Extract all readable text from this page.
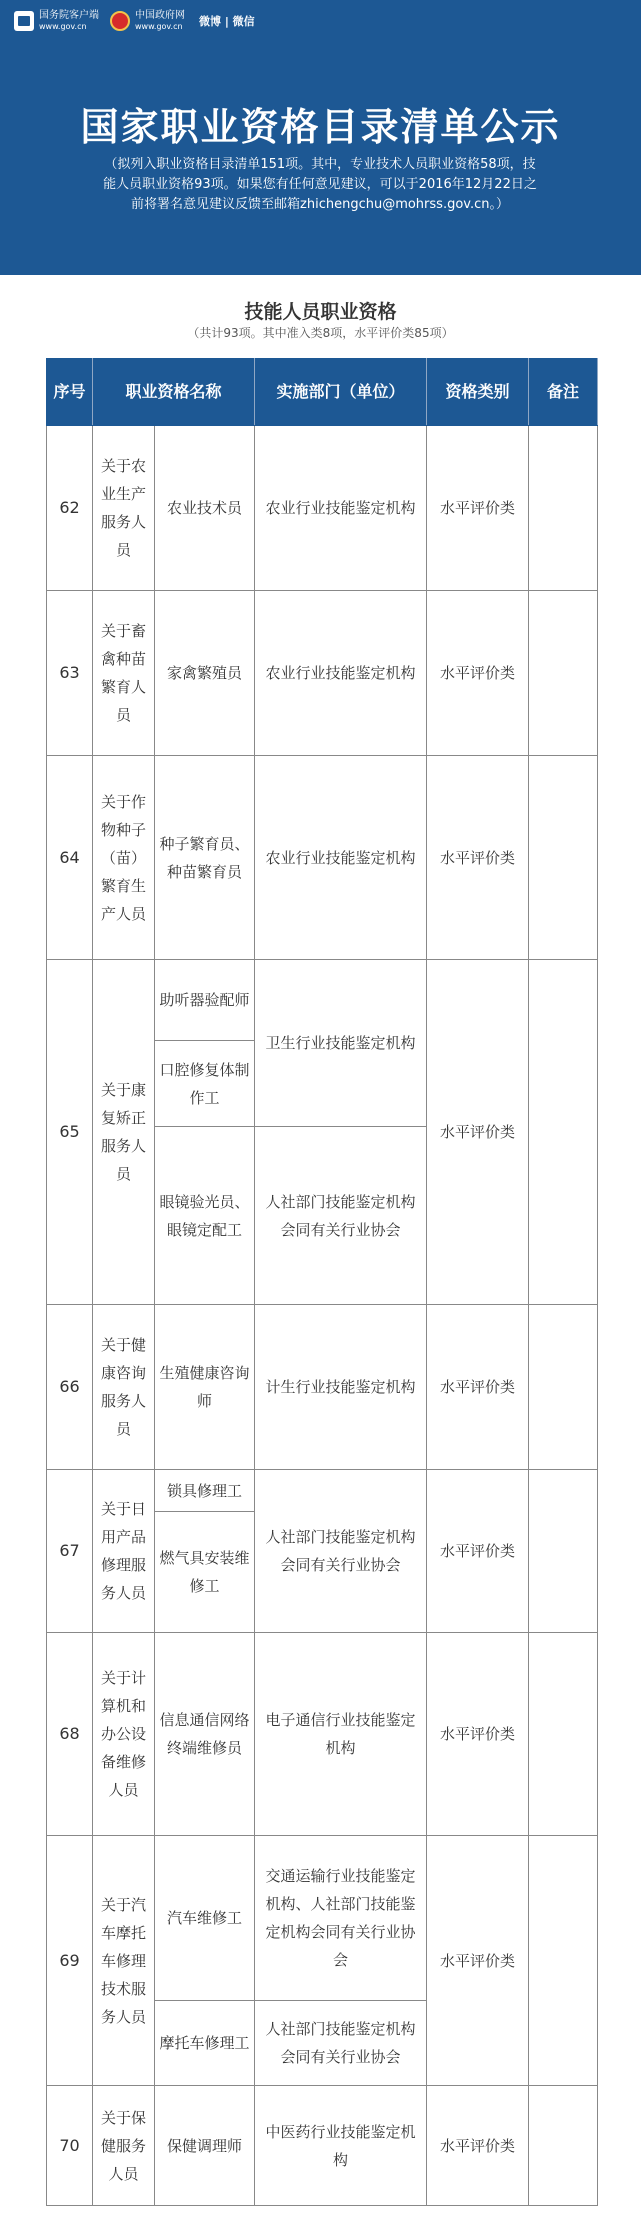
国务院客户端
www.gov.cn
中国政府网
www.gov.cn 微博 | 微信
国家职业资格目录清单公示
（拟列入职业资格目录清单151项。其中，专业技术人员职业资格58项，技能人员职业资格93项。如果您有任何意见建议，可以于2016年12月22日之前将署名意见建议反馈至邮箱zhichengchu@mohrss.gov.cn。）
技能人员职业资格
（共计93项。其中准入类8项，水平评价类85项）
序号	职业资格名称		实施部门（单位）	资格类别	备注
62	关于农业生产服务人员	农业技术员	农业行业技能鉴定机构	水平评价类	
63	关于畜禽种苗繁育人员	家禽繁殖员	农业行业技能鉴定机构	水平评价类	
64	关于作物种子（苗）繁育生产人员	种子繁育员、种苗繁育员	农业行业技能鉴定机构	水平评价类	
65	关于康复矫正服务人员	助听器验配师	卫生行业技能鉴定机构	水平评价类	
		口腔修复体制作工			
		眼镜验光员、眼镜定配工	人社部门技能鉴定机构会同有关行业协会		
66	关于健康咨询服务人员	生殖健康咨询师	计生行业技能鉴定机构	水平评价类	
67	关于日用产品修理服务人员	锁具修理工	人社部门技能鉴定机构会同有关行业协会	水平评价类	
		燃气具安装维修工			
68	关于计算机和办公设备维修人员	信息通信网络终端维修员	电子通信行业技能鉴定机构	水平评价类	
69	关于汽车摩托车修理技术服务人员	汽车维修工	交通运输行业技能鉴定机构、人社部门技能鉴定机构会同有关行业协会	水平评价类	
		摩托车修理工	人社部门技能鉴定机构会同有关行业协会		
70	关于保健服务人员	保健调理师	中医药行业技能鉴定机构	水平评价类	
